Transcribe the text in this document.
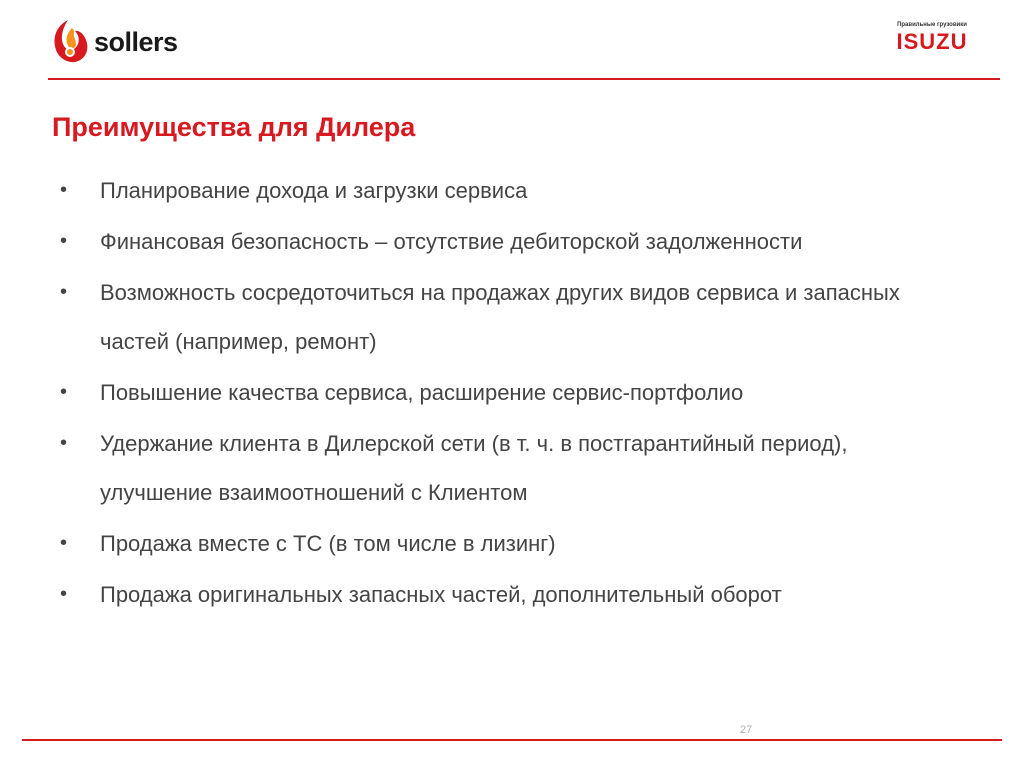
sollers
Правильные грузовики
ISUZU
Преимущества для Дилера
• Планирование дохода и загрузки сервиса
• Финансовая безопасность – отсутствие дебиторской задолженности
• Возможность сосредоточиться на продажах других видов сервиса и запасных частей (например, ремонт)
• Повышение качества сервиса, расширение сервис-портфолио
• Удержание клиента в Дилерской сети (в т. ч. в постгарантийный период), улучшение взаимоотношений с Клиентом
• Продажа вместе с ТС (в том числе в лизинг)
• Продажа оригинальных запасных частей, дополнительный оборот
27
